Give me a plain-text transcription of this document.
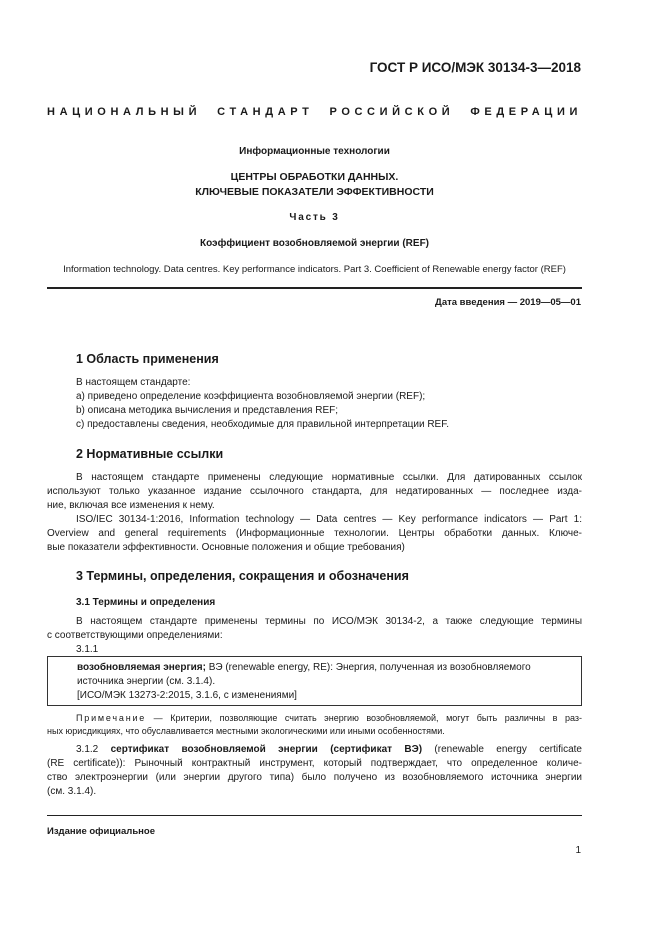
ГОСТ Р ИСО/МЭК 30134-3—2018
НАЦИОНАЛЬНЫЙ СТАНДАРТ РОССИЙСКОЙ ФЕДЕРАЦИИ
Информационные технологии
ЦЕНТРЫ ОБРАБОТКИ ДАННЫХ.
КЛЮЧЕВЫЕ ПОКАЗАТЕЛИ ЭФФЕКТИВНОСТИ
Часть 3
Коэффициент возобновляемой энергии (REF)
Information technology. Data centres. Key performance indicators. Part 3. Coefficient of Renewable energy factor (REF)
Дата введения — 2019—05—01
1 Область применения
В настоящем стандарте:
a) приведено определение коэффициента возобновляемой энергии (REF);
b) описана методика вычисления и представления REF;
c) предоставлены сведения, необходимые для правильной интерпретации REF.
2 Нормативные ссылки
В настоящем стандарте применены следующие нормативные ссылки. Для датированных ссылок
используют только указанное издание ссылочного стандарта, для недатированных — последнее изда-
ние, включая все изменения к нему.
ISO/IEC 30134-1:2016, Information technology — Data centres — Key performance indicators — Part 1:
Overview and general requirements (Информационные технологии. Центры обработки данных. Ключе-
вые показатели эффективности. Основные положения и общие требования)
3 Термины, определения, сокращения и обозначения
3.1 Термины и определения
В настоящем стандарте применены термины по ИСО/МЭК 30134-2, а также следующие термины
с соответствующими определениями:
3.1.1
возобновляемая энергия; ВЭ (renewable energy, RE): Энергия, полученная из возобновляемого
источника энергии (см. 3.1.4).
[ИСО/МЭК 13273-2:2015, 3.1.6, с изменениями]
Примечание — Критерии, позволяющие считать энергию возобновляемой, могут быть различны в раз-
ных юрисдикциях, что обуславливается местными экологическими или иными особенностями.
3.1.2 сертификат возобновляемой энергии (сертификат ВЭ) (renewable energy certificate
(RE certificate)): Рыночный контрактный инструмент, который подтверждает, что определенное количе-
ство электроэнергии (или энергии другого типа) было получено из возобновляемого источника энергии
(см. 3.1.4).
Издание официальное
1
